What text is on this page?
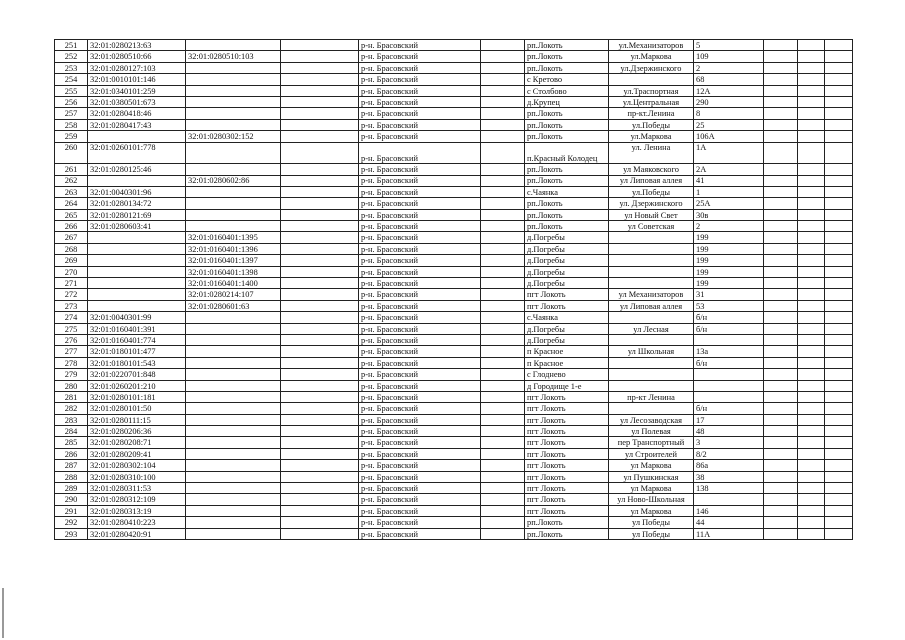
251	32:01:0280213:63			р-н. Брасовский		рп.Локоть	ул.Механизаторов	5			
252	32:01:0280510:66	32:01:0280510:103		р-н. Брасовский		рп.Локоть	ул.Маркова	109			
253	32:01:0280127:103			р-н. Брасовский		рп.Локоть	ул.Дзержинского	2			
254	32:01:0010101:146			р-н. Брасовский		с Кретово		68			
255	32:01:0340101:259			р-н. Брасовский		с Столбово	ул.Траспортная	12А			
256	32:01:0380501:673			р-н. Брасовский		д.Крупец	ул.Центральная	290			
257	32:01:0280418:46			р-н. Брасовский		рп.Локоть	пр-кт.Ленина	8			
258	32:01:0280417:43			р-н. Брасовский		рп.Локоть	ул.Победы	25			
259		32:01:0280302:152		р-н. Брасовский		рп.Локоть	ул.Маркова	106А			
260	32:01:0260101:778			р-н. Брасовский		п.Красный Колодец	ул. Ленина	1А			
261	32:01:0280125:46			р-н. Брасовский		рп.Локоть	ул Маяковского	2А			
262		32:01:0280602:86		р-н. Брасовский		рп.Локоть	ул Липовая аллея	41			
263	32:01:0040301:96			р-н. Брасовский		с.Чаянка	ул.Победы	1			
264	32:01:0280134:72			р-н. Брасовский		рп.Локоть	ул. Дзержинского	25А			
265	32:01:0280121:69			р-н. Брасовский		рп.Локоть	ул Новый Свет	30в			
266	32:01:0280603:41			р-н. Брасовский		рп.Локоть	ул Советская	2			
267		32:01:0160401:1395		р-н. Брасовский		д.Погребы		199			
268		32:01:0160401:1396		р-н. Брасовский		д.Погребы		199			
269		32:01:0160401:1397		р-н. Брасовский		д.Погребы		199			
270		32:01:0160401:1398		р-н. Брасовский		д.Погребы		199			
271		32:01:0160401:1400		р-н. Брасовский		д.Погребы		199			
272		32:01:0280214:107		р-н. Брасовский		пгт Локоть	ул Механизаторов	31			
273		32:01:0280601:63		р-н. Брасовский		пгт Локоть	ул Липовая аллея	53			
274	32:01:0040301:99			р-н. Брасовский		с.Чаянка		б/н			
275	32:01:0160401:391			р-н. Брасовский		д.Погребы	ул Лесная	б/н			
276	32:01:0160401:774			р-н. Брасовский		д.Погребы					
277	32:01:0180101:477			р-н. Брасовский		п Красное	ул Школьная	13а			
278	32:01:0180101:543			р-н. Брасовский		п Красное		б/н			
279	32:01:0220701:848			р-н. Брасовский		с Глоднево					
280	32:01:0260201:210			р-н. Брасовский		д Городище 1-е					
281	32:01:0280101:181			р-н. Брасовский		пгт Локоть	пр-кт Ленина				
282	32:01:0280101:50			р-н. Брасовский		пгт Локоть		б/н			
283	32:01:0280111:15			р-н. Брасовский		пгт Локоть	ул Лесозаводская	17			
284	32:01:0280206:36			р-н. Брасовский		пгт Локоть	ул Полевая	48			
285	32:01:0280208:71			р-н. Брасовский		пгт Локоть	пер Транспортный	3			
286	32:01:0280209:41			р-н. Брасовский		пгт Локоть	ул Строителей	8/2			
287	32:01:0280302:104			р-н. Брасовский		пгт Локоть	ул Маркова	86а			
288	32:01:0280310:100			р-н. Брасовский		пгт Локоть	ул Пушкинская	38			
289	32:01:0280311:53			р-н. Брасовский		пгт Локоть	ул Маркова	138			
290	32:01:0280312:109			р-н. Брасовский		пгт Локоть	ул Ново-Школьная				
291	32:01:0280313:19			р-н. Брасовский		пгт Локоть	ул Маркова	146			
292	32:01:0280410:223			р-н. Брасовский		рп.Локоть	ул Победы	44			
293	32:01:0280420:91			р-н. Брасовский		рп.Локоть	ул Победы	11А			
